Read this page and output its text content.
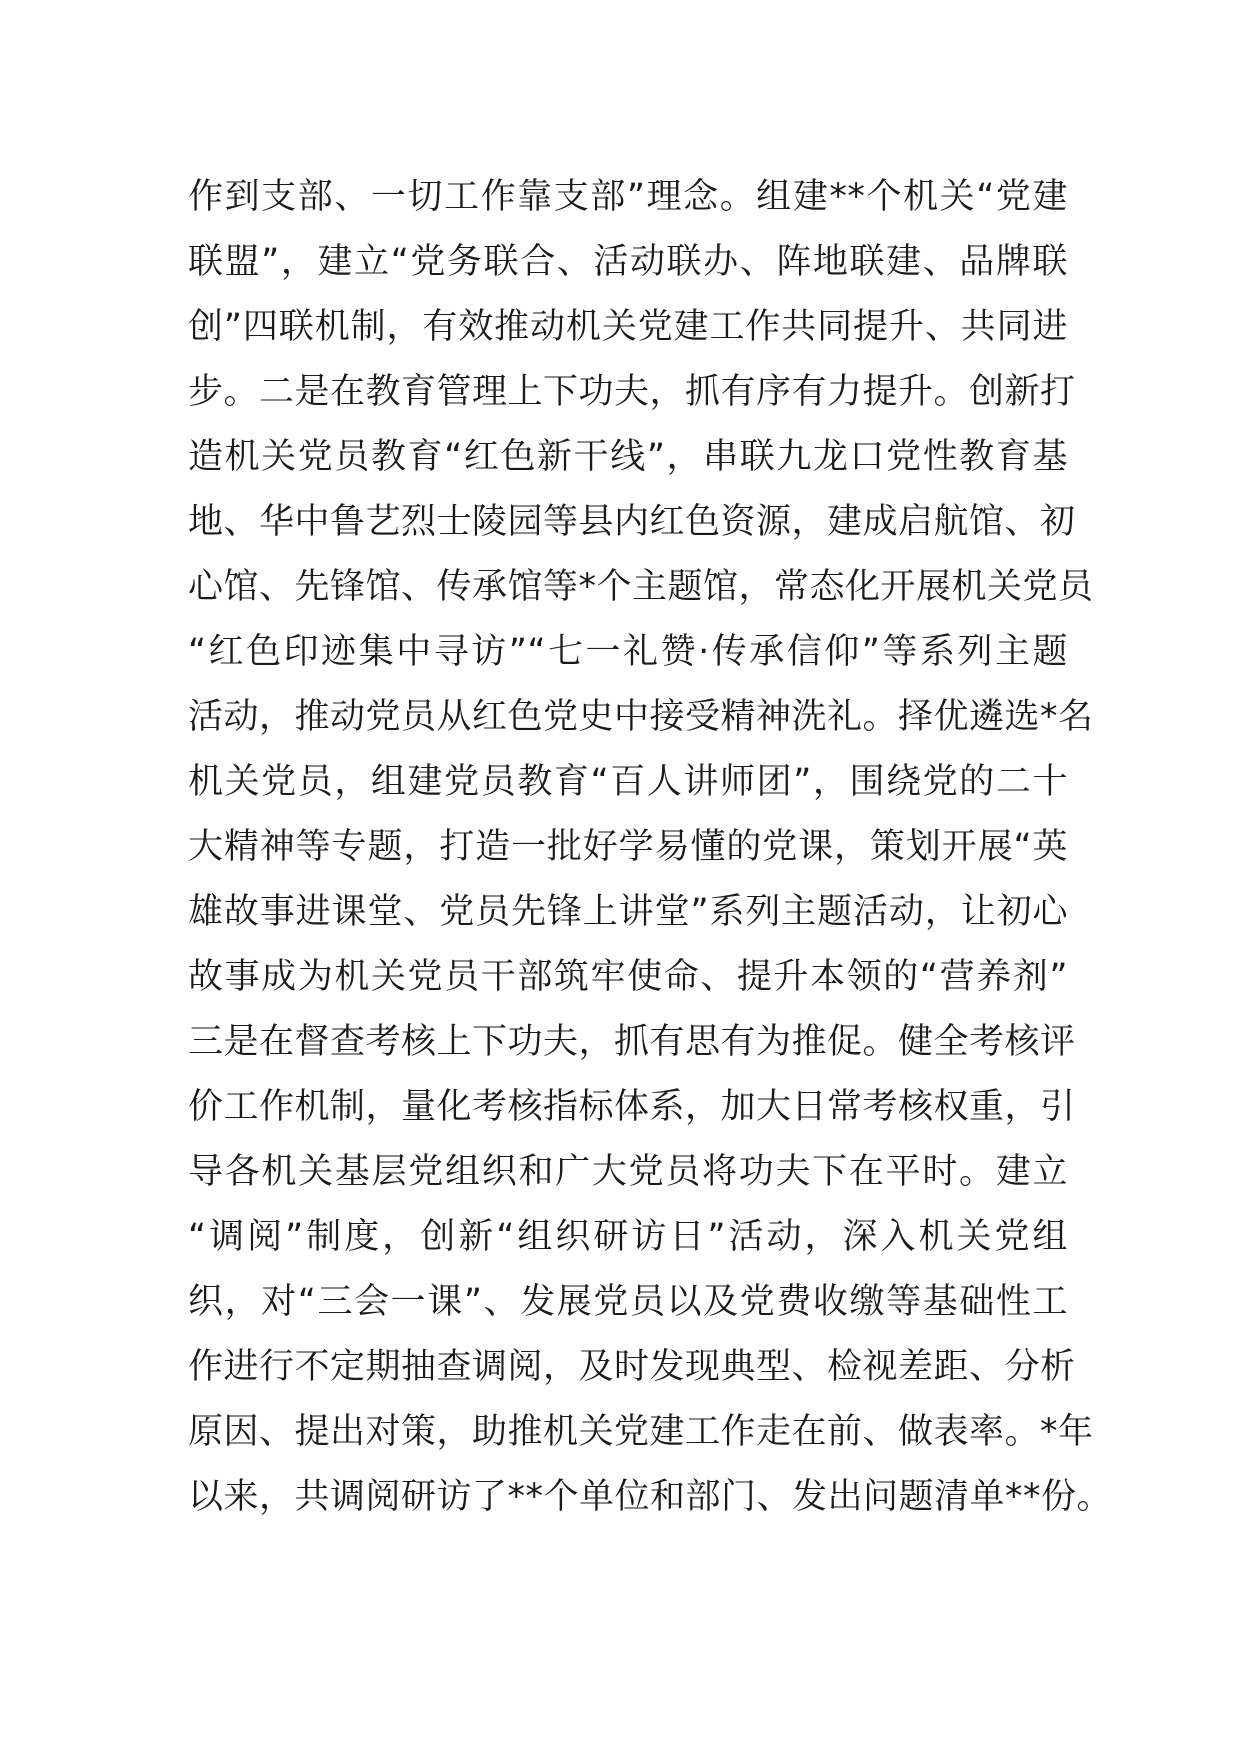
作到支部、一切工作靠支部”理念。组建**个机关“党建
联盟”，建立“党务联合、活动联办、阵地联建、品牌联
创”四联机制，有效推动机关党建工作共同提升、共同进
步。二是在教育管理上下功夫，抓有序有力提升。创新打
造机关党员教育“红色新干线”，串联九龙口党性教育基
地、华中鲁艺烈士陵园等县内红色资源，建成启航馆、初
心馆、先锋馆、传承馆等*个主题馆，常态化开展机关党员
“红色印迹集中寻访”“七一礼赞·传承信仰”等系列主题
活动，推动党员从红色党史中接受精神洗礼。择优遴选*名
机关党员，组建党员教育“百人讲师团”，围绕党的二十
大精神等专题，打造一批好学易懂的党课，策划开展“英
雄故事进课堂、党员先锋上讲堂”系列主题活动，让初心
故事成为机关党员干部筑牢使命、提升本领的“营养剂”
三是在督查考核上下功夫，抓有思有为推促。健全考核评
价工作机制，量化考核指标体系，加大日常考核权重，引
导各机关基层党组织和广大党员将功夫下在平时。建立
“调阅”制度，创新“组织研访日”活动，深入机关党组
织，对“三会一课”、发展党员以及党费收缴等基础性工
作进行不定期抽查调阅，及时发现典型、检视差距、分析
原因、提出对策，助推机关党建工作走在前、做表率。*年
以来，共调阅研访了**个单位和部门、发出问题清单**份。
